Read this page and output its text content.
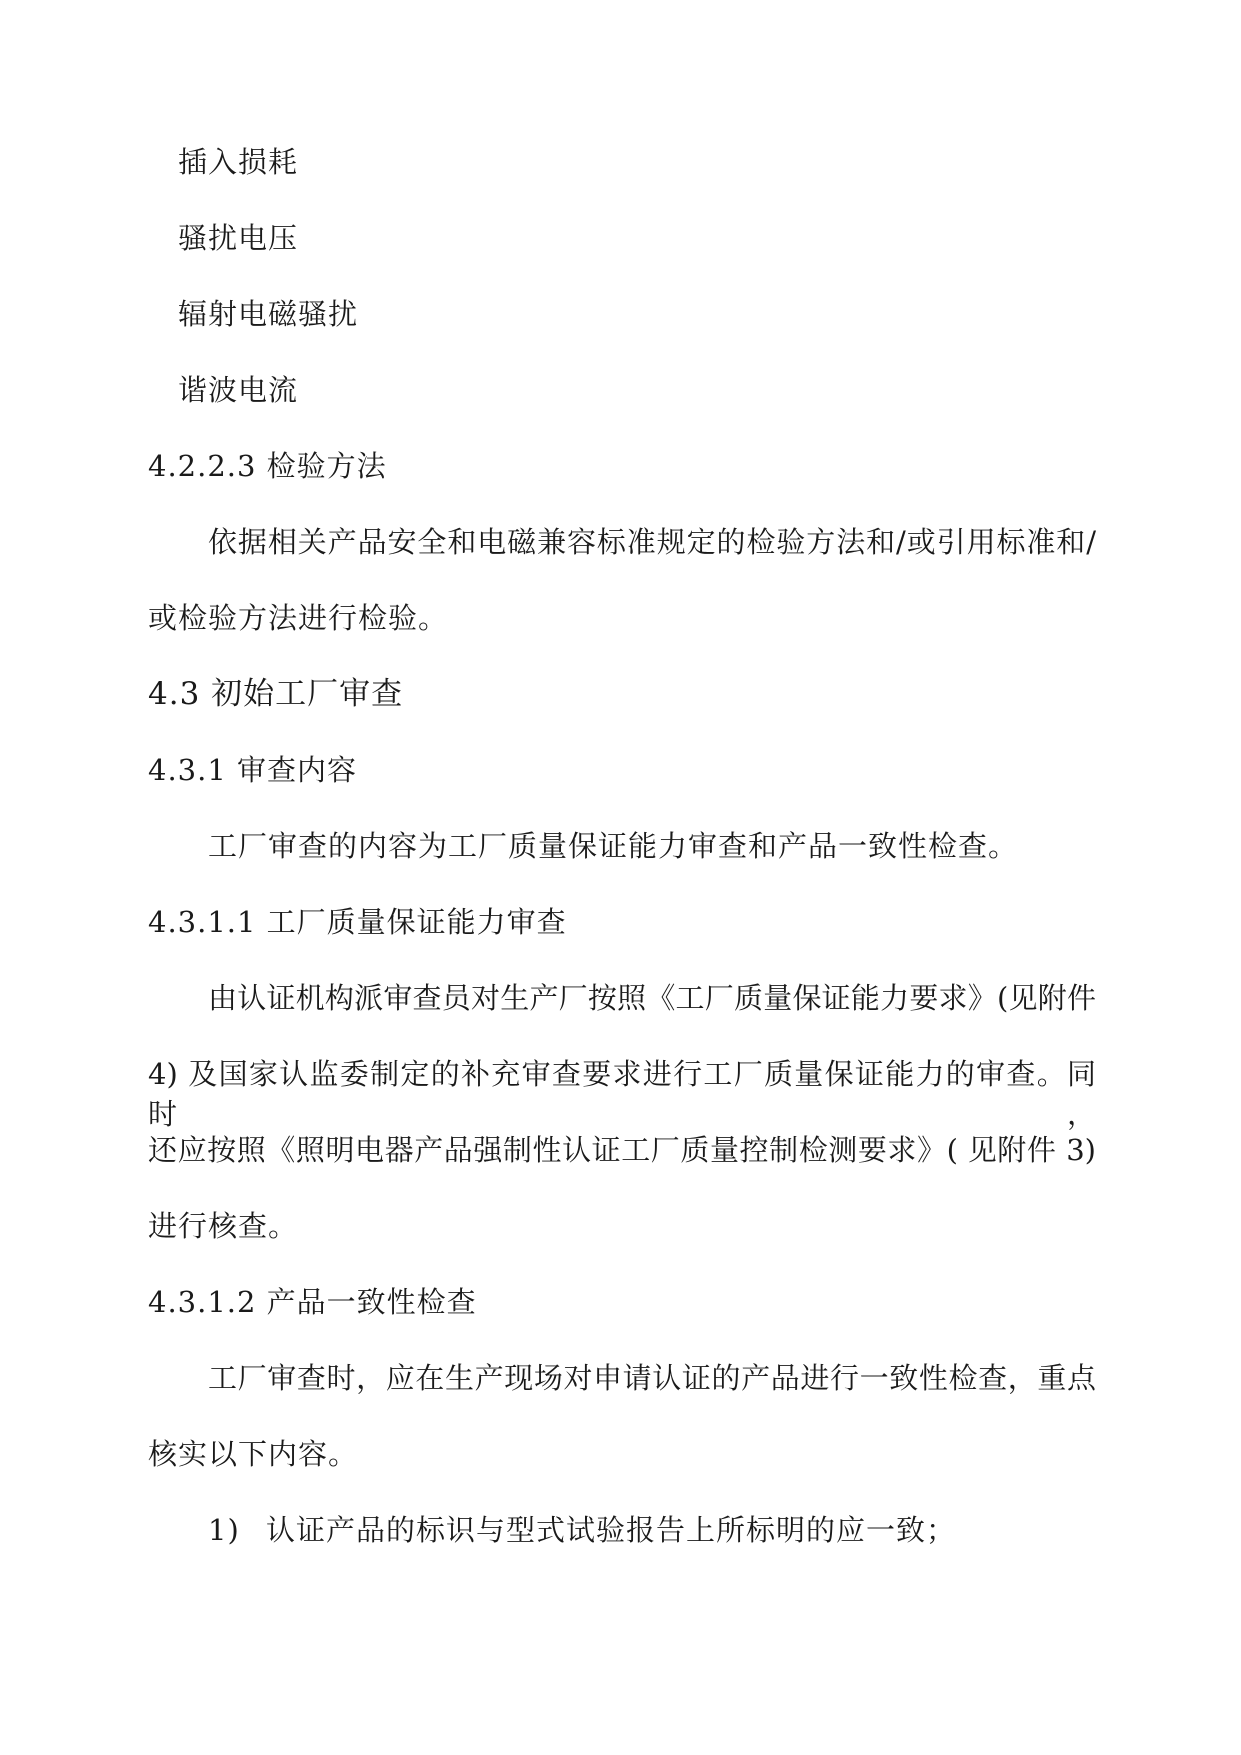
插入损耗
骚扰电压
辐射电磁骚扰
谐波电流
4.2.2.3 检验方法
依据相关产品安全和电磁兼容标准规定的检验方法和/或引用标准和/
或检验方法进行检验。
4.3 初始工厂审查
4.3.1 审查内容
工厂审查的内容为工厂质量保证能力审查和产品一致性检查。
4.3.1.1 工厂质量保证能力审查
由认证机构派审查员对生产厂按照《工厂质量保证能力要求》(见附件
4) 及国家认监委制定的补充审查要求进行工厂质量保证能力的审查。同时，
还应按照《照明电器产品强制性认证工厂质量控制检测要求》( 见附件 3)
进行核查。
4.3.1.2 产品一致性检查
工厂审查时，应在生产现场对申请认证的产品进行一致性检查，重点
核实以下内容。
1) 认证产品的标识与型式试验报告上所标明的应一致；
